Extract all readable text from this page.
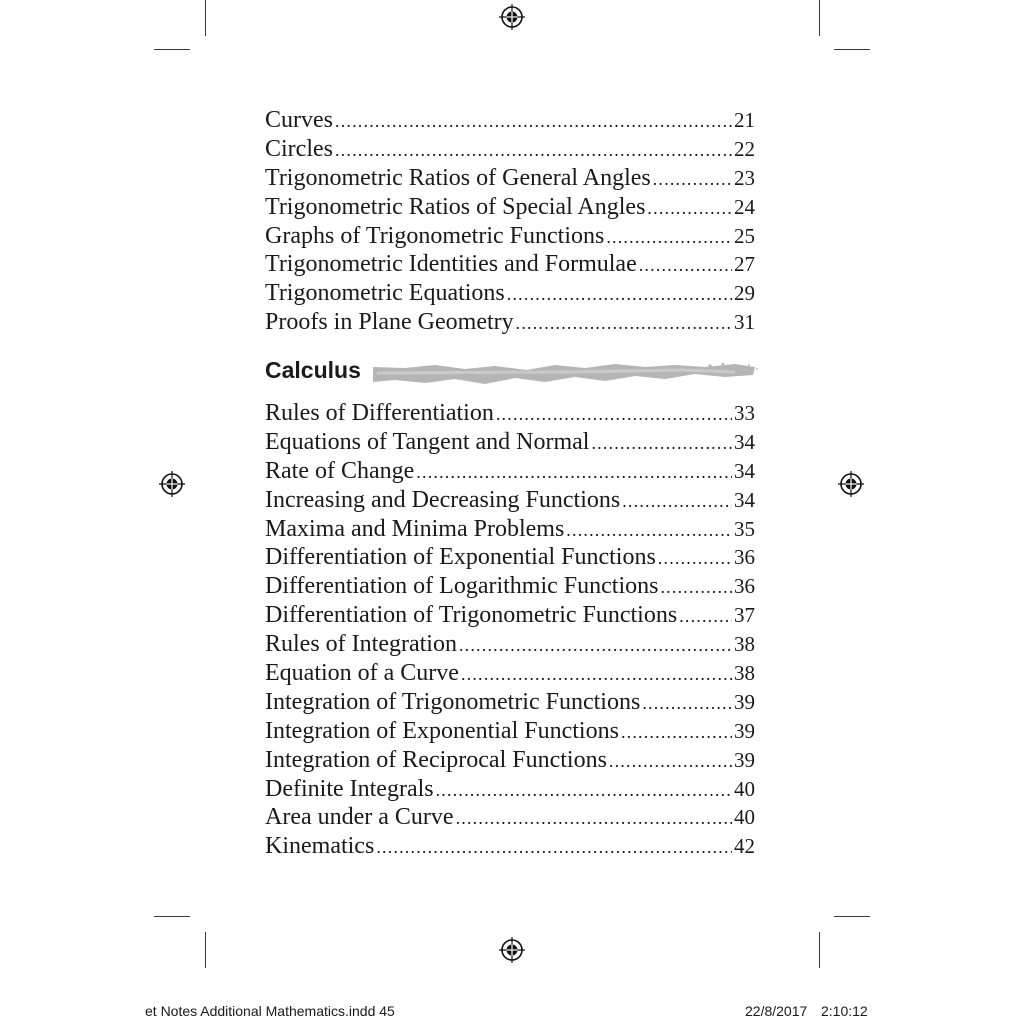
Curves .....	21
Circles .....	22
Trigonometric Ratios of General Angles .....	23
Trigonometric Ratios of Special Angles .....	24
Graphs of Trigonometric Functions .....	25
Trigonometric Identities and Formulae .....	27
Trigonometric Equations .....	29
Proofs in Plane Geometry .....	31
Calculus
Rules of Differentiation .....	33
Equations of Tangent and Normal .....	34
Rate of Change .....	34
Increasing and Decreasing Functions .....	34
Maxima and Minima Problems .....	35
Differentiation of Exponential Functions .....	36
Differentiation of Logarithmic Functions .....	36
Differentiation of Trigonometric Functions .....	37
Rules of Integration .....	38
Equation of a Curve .....	38
Integration of Trigonometric Functions .....	39
Integration of Exponential Functions .....	39
Integration of Reciprocal Functions .....	39
Definite Integrals .....	40
Area under a Curve .....	40
Kinematics .....	42
et Notes Additional Mathematics.indd 45	22/8/2017 2:10:12
